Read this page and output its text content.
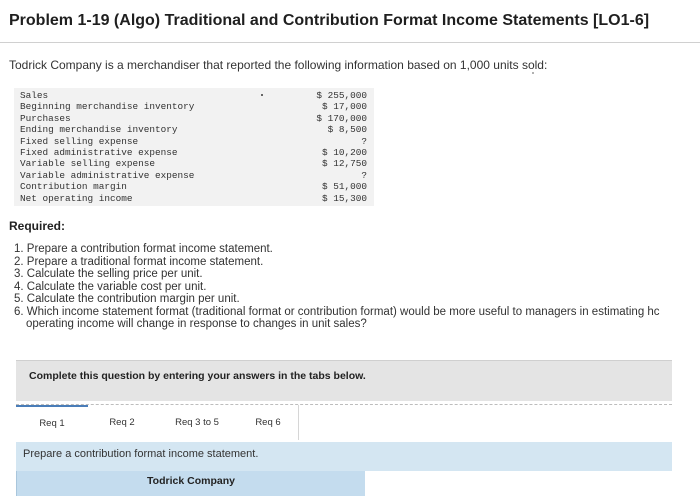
Problem 1-19 (Algo) Traditional and Contribution Format Income Statements [LO1-6]
Todrick Company is a merchandiser that reported the following information based on 1,000 units sold:
Sales	$ 255,000
Beginning merchandise inventory	$ 17,000
Purchases	$ 170,000
Ending merchandise inventory	$ 8,500
Fixed selling expense	?
Fixed administrative expense	$ 10,200
Variable selling expense	$ 12,750
Variable administrative expense	?
Contribution margin	$ 51,000
Net operating income	$ 15,300
Required:
1. Prepare a contribution format income statement.
2. Prepare a traditional format income statement.
3. Calculate the selling price per unit.
4. Calculate the variable cost per unit.
5. Calculate the contribution margin per unit.
6. Which income statement format (traditional format or contribution format) would be more useful to managers in estimating hc
operating income will change in response to changes in unit sales?
Complete this question by entering your answers in the tabs below.
Req 1	Req 2	Req 3 to 5	Req 6
Prepare a contribution format income statement.
Todrick Company
